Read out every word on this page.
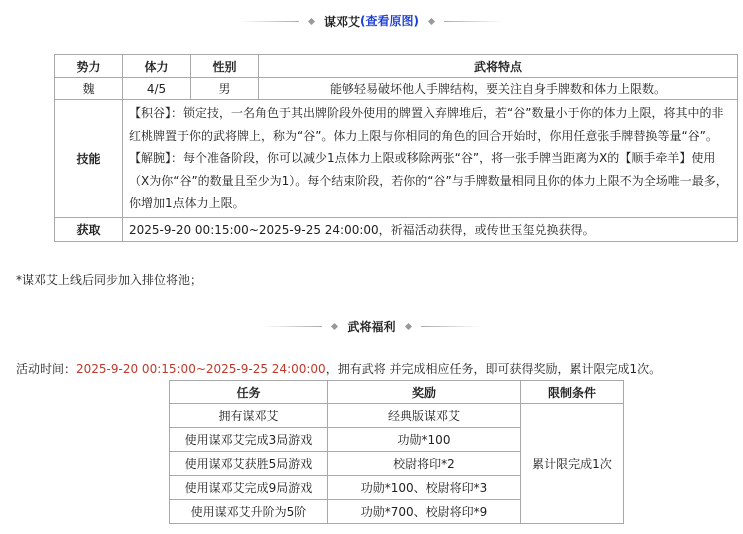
谋邓艾(查看原图)
势力	体力	性别	武将特点
魏	4/5	男	能够轻易破坏他人手牌结构，要关注自身手牌数和体力上限数。
技能	【积谷】：锁定技，一名角色于其出牌阶段外使用的牌置入弃牌堆后，若“谷”数量小于你的体力上限，将其中的非红桃牌置于你的武将牌上，称为“谷”。体力上限与你相同的角色的回合开始时，你用任意张手牌替换等量“谷”。
【解腕】：每个准备阶段，你可以减少1点体力上限或移除两张“谷”，将一张手牌当距离为X的【顺手牵羊】使用（X为你“谷”的数量且至少为1）。每个结束阶段，若你的“谷”与手牌数量相同且你的体力上限不为全场唯一最多，你增加1点体力上限。		
获取	2025-9-20 00:15:00~2025-9-25 24:00:00，祈福活动获得，或传世玉玺兑换获得。		
*谋邓艾上线后同步加入排位将池；
武将福利
活动时间：2025-9-20 00:15:00~2025-9-25 24:00:00，拥有武将 并完成相应任务，即可获得奖励，累计限完成1次。
任务	奖励	限制条件
拥有谋邓艾	经典版谋邓艾	累计限完成1次
使用谋邓艾完成3局游戏	功勋*100	
使用谋邓艾获胜5局游戏	校尉将印*2	
使用谋邓艾完成9局游戏	功勋*100、校尉将印*3	
使用谋邓艾升阶为5阶	功勋*700、校尉将印*9	
